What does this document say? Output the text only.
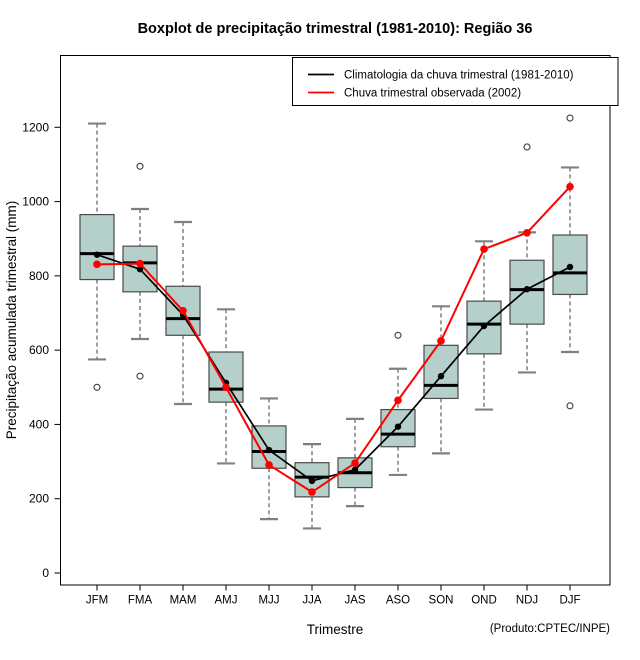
Boxplot de precipitação trimestral (1981-2010): Região 36
0
200
400
600
800
1000
1200
JFM FMA MAM AMJ MJJ JJA JAS ASO SON OND NDJ DJF
Climatologia da chuva trimestral (1981-2010)
Chuva trimestral observada (2002)
Precipitação acumulada trimestral (mm)
Trimestre	(Produto:CPTEC/INPE)
